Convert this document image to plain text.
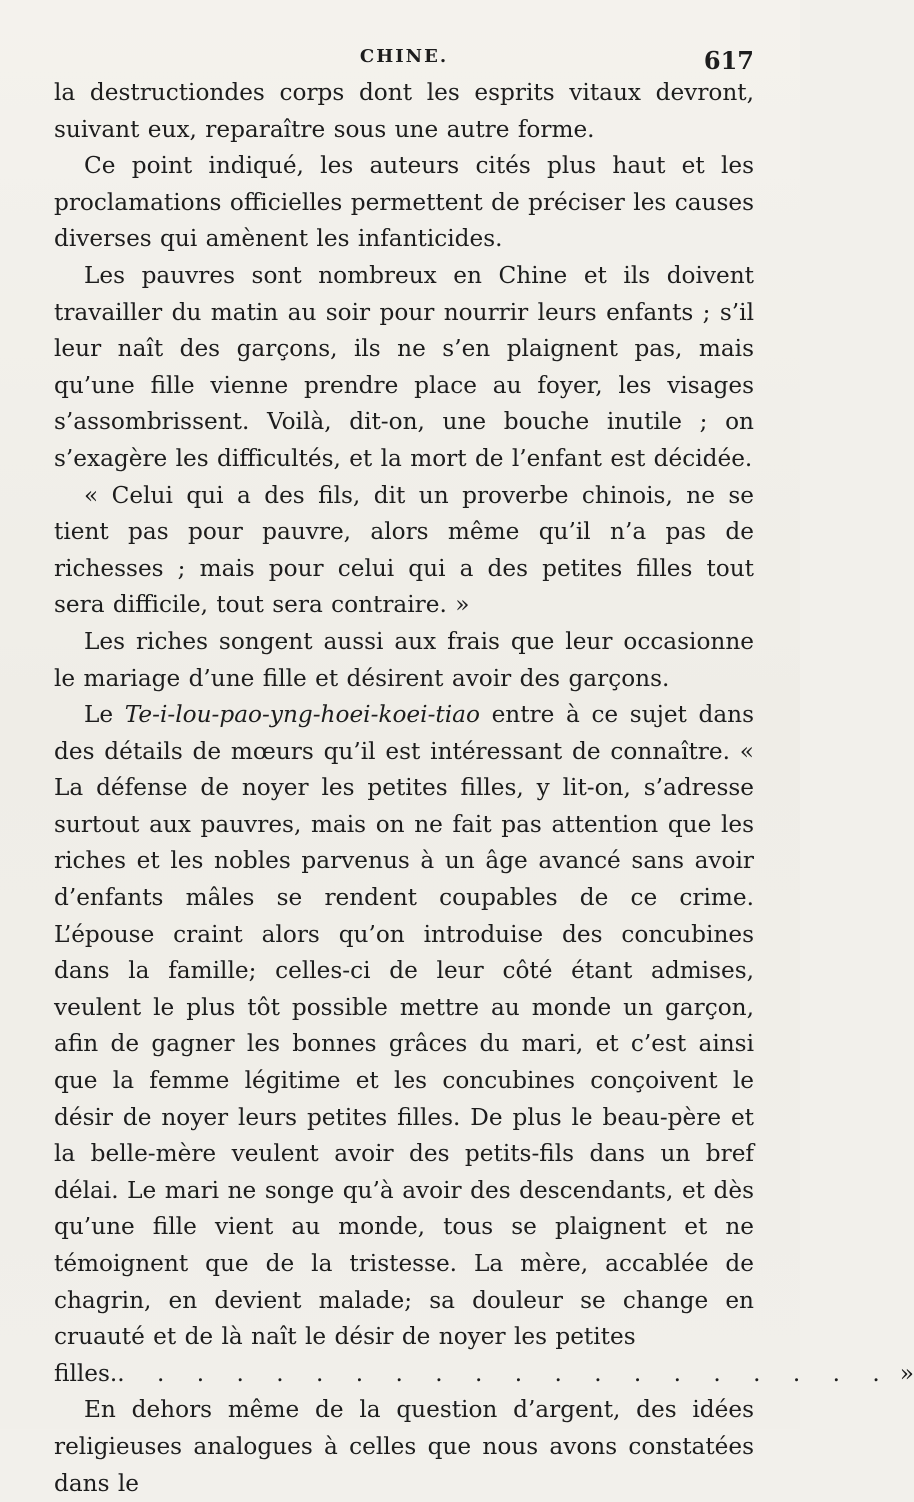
CHINE.	617

la destructiondes corps dont les esprits vitaux devront, suivant eux, reparaître sous une autre forme.

Ce point indiqué, les auteurs cités plus haut et les proclamations officielles permettent de préciser les causes diverses qui amènent les infanticides.

Les pauvres sont nombreux en Chine et ils doivent travailler du matin au soir pour nourrir leurs enfants ; s’il leur naît des garçons, ils ne s’en plaignent pas, mais qu’une fille vienne prendre place au foyer, les visages s’assombrissent. Voilà, dit-on, une bouche inutile ; on s’exagère les difficultés, et la mort de l’enfant est décidée.

« Celui qui a des fils, dit un proverbe chinois, ne se tient pas pour pauvre, alors même qu’il n’a pas de richesses ; mais pour celui qui a des petites filles tout sera difficile, tout sera contraire. »

Les riches songent aussi aux frais que leur occasionne le mariage d’une fille et désirent avoir des garçons.

Le Te-i-lou-pao-yng-hoei-koei-tiao entre à ce sujet dans des détails de mœurs qu’il est intéressant de connaître. « La défense de noyer les petites filles, y lit-on, s’adresse surtout aux pauvres, mais on ne fait pas attention que les riches et les nobles parvenus à un âge avancé sans avoir d’enfants mâles se rendent coupables de ce crime. L’épouse craint alors qu’on introduise des concubines dans la famille; celles-ci de leur côté étant admises, veulent le plus tôt possible mettre au monde un garçon, afin de gagner les bonnes grâces du mari, et c’est ainsi que la femme légitime et les concubines conçoivent le désir de noyer leurs petites filles. De plus le beau-père et la belle-mère veulent avoir des petits-fils dans un bref délai. Le mari ne songe qu’à avoir des descendants, et dès qu’une fille vient au monde, tous se plaignent et ne témoignent que de la tristesse. La mère, accablée de chagrin, en devient malade; sa douleur se change en cruauté et de là naît le désir de noyer les petites

filles. . . . . . . . . . . . . . . . . . . . . »

En dehors même de la question d’argent, des idées religieuses analogues à celles que nous avons constatées dans le
